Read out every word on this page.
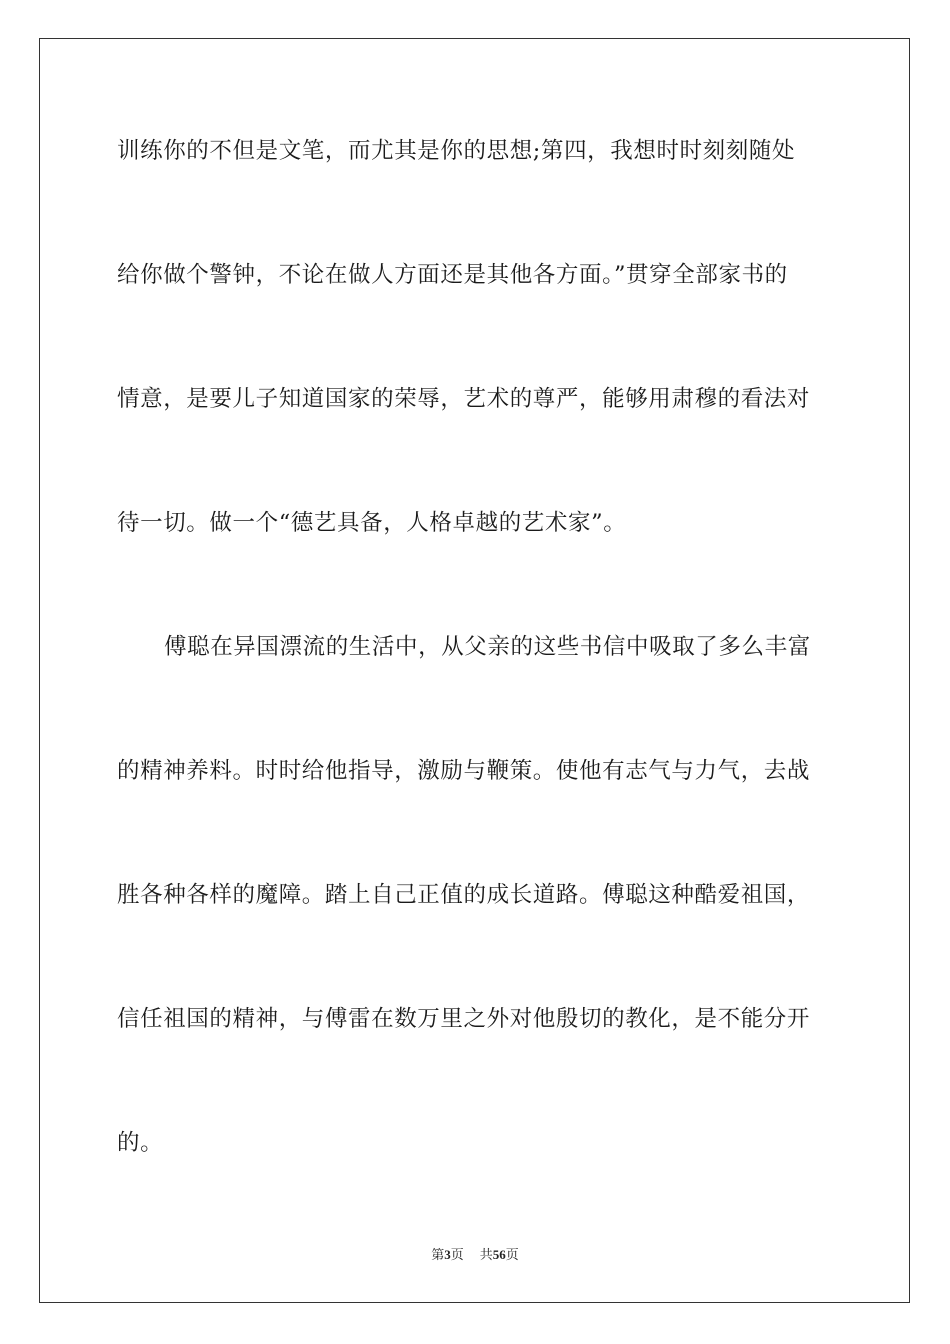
训练你的不但是文笔，而尤其是你的思想;第四，我想时时刻刻随处
给你做个警钟，不论在做人方面还是其他各方面。”贯穿全部家书的
情意，是要儿子知道国家的荣辱，艺术的尊严，能够用肃穆的看法对
待一切。做一个“德艺具备，人格卓越的艺术家”。
傅聪在异国漂流的生活中，从父亲的这些书信中吸取了多么丰富
的精神养料。时时给他指导，激励与鞭策。使他有志气与力气，去战
胜各种各样的魔障。踏上自己正值的成长道路。傅聪这种酷爱祖国，
信任祖国的精神，与傅雷在数万里之外对他殷切的教化，是不能分开
的。
第3页 共56页
